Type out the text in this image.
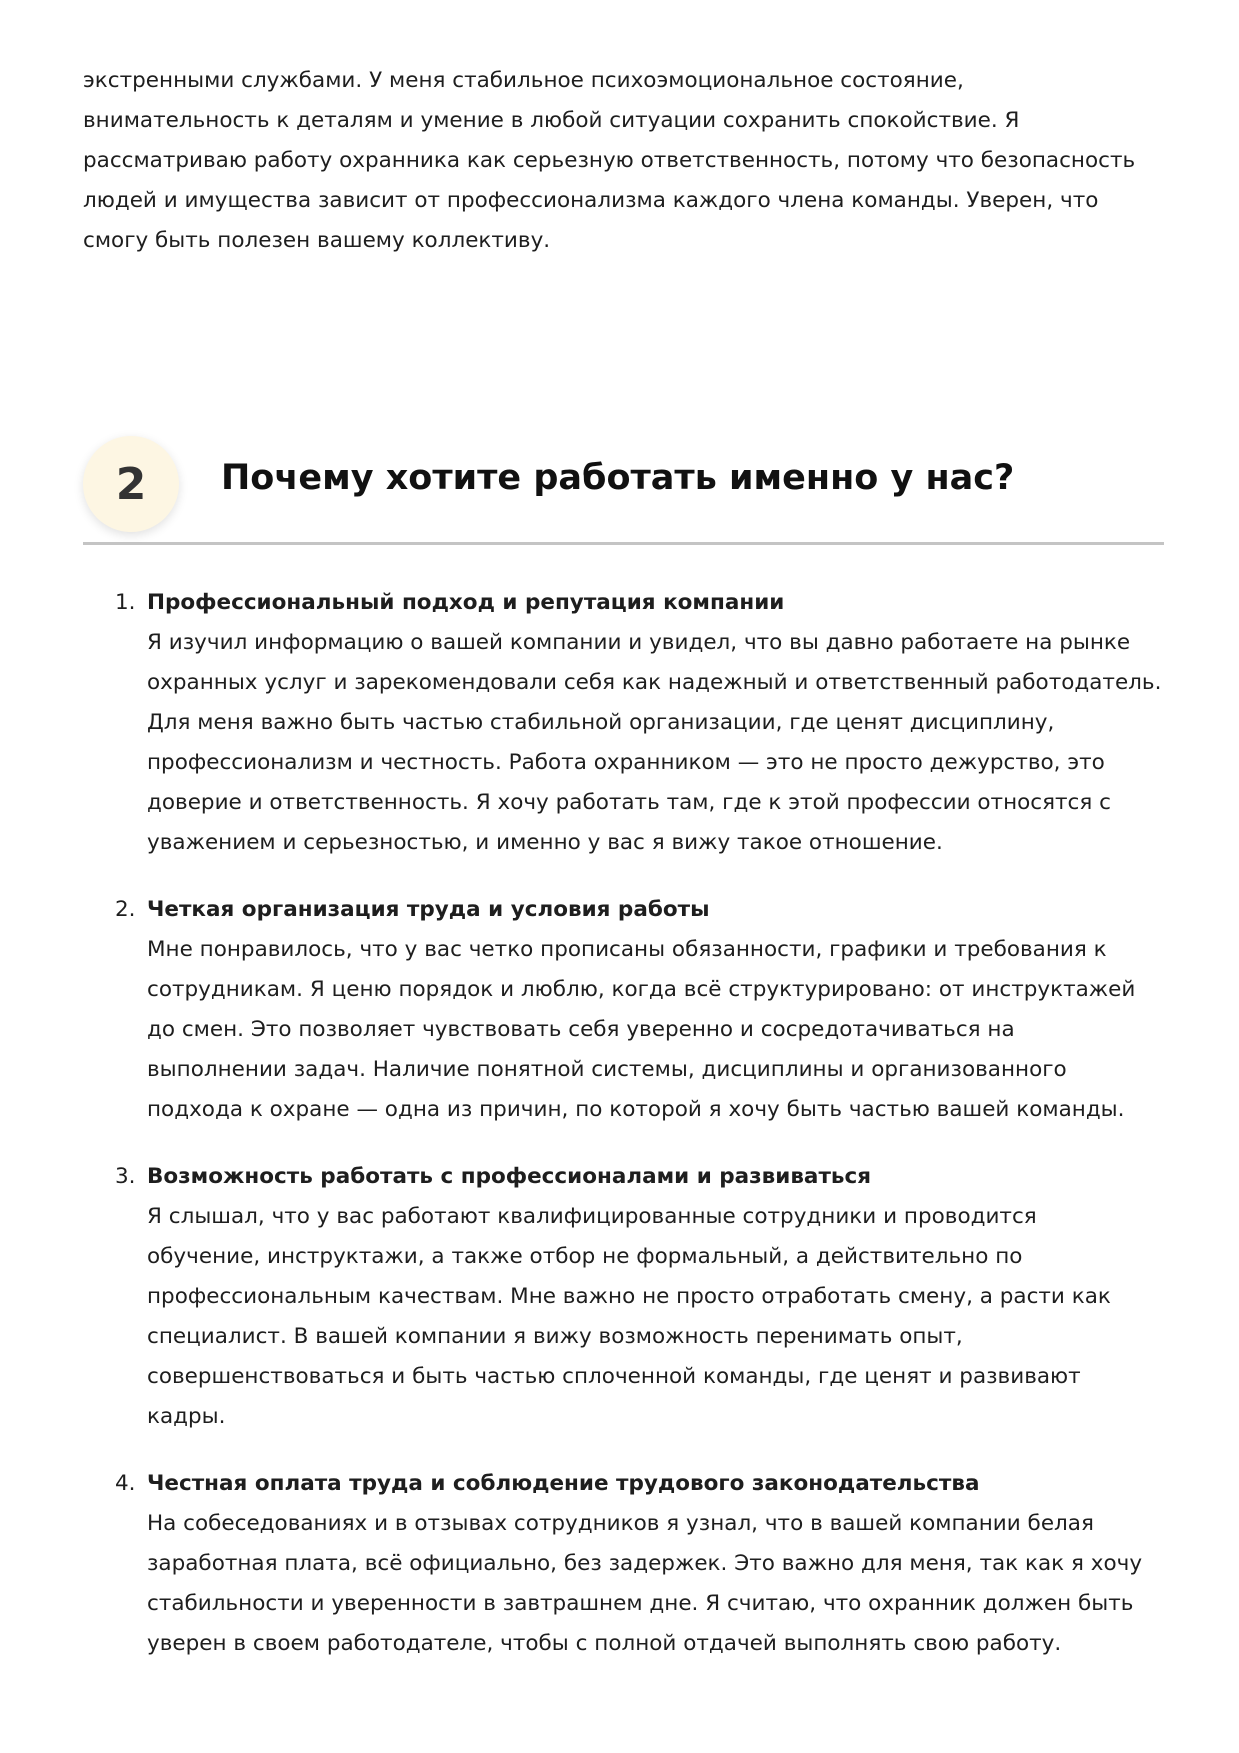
экстренными службами. У меня стабильное психоэмоциональное состояние,
внимательность к деталям и умение в любой ситуации сохранить спокойствие. Я
рассматриваю работу охранника как серьезную ответственность, потому что безопасность
людей и имущества зависит от профессионализма каждого члена команды. Уверен, что
смогу быть полезен вашему коллективу.
2	Почему хотите работать именно у нас?
1. Профессиональный подход и репутация компании
Я изучил информацию о вашей компании и увидел, что вы давно работаете на рынке
охранных услуг и зарекомендовали себя как надежный и ответственный работодатель.
Для меня важно быть частью стабильной организации, где ценят дисциплину,
профессионализм и честность. Работа охранником — это не просто дежурство, это
доверие и ответственность. Я хочу работать там, где к этой профессии относятся с
уважением и серьезностью, и именно у вас я вижу такое отношение.
2. Четкая организация труда и условия работы
Мне понравилось, что у вас четко прописаны обязанности, графики и требования к
сотрудникам. Я ценю порядок и люблю, когда всё структурировано: от инструктажей
до смен. Это позволяет чувствовать себя уверенно и сосредотачиваться на
выполнении задач. Наличие понятной системы, дисциплины и организованного
подхода к охране — одна из причин, по которой я хочу быть частью вашей команды.
3. Возможность работать с профессионалами и развиваться
Я слышал, что у вас работают квалифицированные сотрудники и проводится
обучение, инструктажи, а также отбор не формальный, а действительно по
профессиональным качествам. Мне важно не просто отработать смену, а расти как
специалист. В вашей компании я вижу возможность перенимать опыт,
совершенствоваться и быть частью сплоченной команды, где ценят и развивают
кадры.
4. Честная оплата труда и соблюдение трудового законодательства
На собеседованиях и в отзывах сотрудников я узнал, что в вашей компании белая
заработная плата, всё официально, без задержек. Это важно для меня, так как я хочу
стабильности и уверенности в завтрашнем дне. Я считаю, что охранник должен быть
уверен в своем работодателе, чтобы с полной отдачей выполнять свою работу.
